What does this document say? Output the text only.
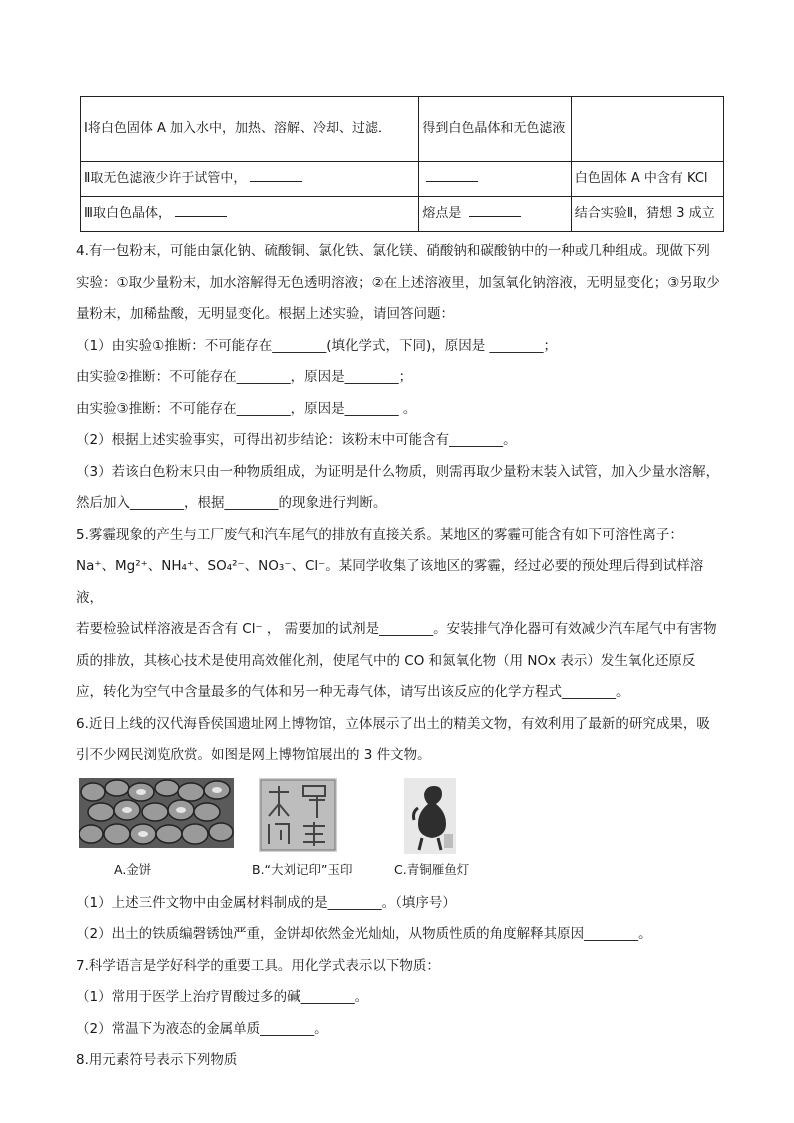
Ⅰ将白色固体 A 加入水中，加热、溶解、冷却、过滤．	得到白色晶体和无色滤液	
Ⅱ取无色滤液少许于试管中，		白色固体 A 中含有 KCl
Ⅲ取白色晶体，	熔点是	结合实验Ⅱ，猜想 3 成立

4.有一包粉末，可能由氯化钠、硫酸铜、氯化铁、氯化镁、硝酸钠和碳酸钠中的一种或几种组成。现做下列实验：①取少量粉末，加水溶解得无色透明溶液；②在上述溶液里，加氢氧化钠溶液，无明显变化；③另取少量粉末，加稀盐酸，无明显变化。根据上述实验，请回答问题：

（1）由实验①推断：不可能存在________(填化学式，下同)，原因是 ________；

由实验②推断：不可能存在________，原因是________；

由实验③推断：不可能存在________，原因是________ 。

（2）根据上述实验事实，可得出初步结论：该粉末中可能含有________。

（3）若该白色粉末只由一种物质组成，为证明是什么物质，则需再取少量粉末装入试管，加入少量水溶解，然后加入________，根据________的现象进行判断。

5.雾霾现象的产生与工厂废气和汽车尾气的排放有直接关系。某地区的雾霾可能含有如下可溶性离子：

Na⁺、Mg²⁺、NH₄⁺、SO₄²⁻、NO₃⁻、Cl⁻。某同学收集了该地区的雾霾，经过必要的预处理后得到试样溶液，

若要检验试样溶液是否含有 Cl⁻ ， 需要加的试剂是________。安装排气净化器可有效减少汽车尾气中有害物质的排放，其核心技术是使用高效催化剂，使尾气中的 CO 和氮氧化物（用 NOx 表示）发生氧化还原反应，转化为空气中含量最多的气体和另一种无毒气体，请写出该反应的化学方程式________。

6.近日上线的汉代海昏侯国遗址网上博物馆，立体展示了出土的精美文物，有效利用了最新的研究成果，吸引不少网民浏览欣赏。如图是网上博物馆展出的 3 件文物。

A.金饼	B.“大刘记印”玉印	C.青铜雁鱼灯

（1）上述三件文物中由金属材料制成的是________。（填序号）

（2）出土的铁质编磬锈蚀严重，金饼却依然金光灿灿，从物质性质的角度解释其原因________。

7.科学语言是学好科学的重要工具。用化学式表示以下物质：

（1）常用于医学上治疗胃酸过多的碱________。

（2）常温下为液态的金属单质________。

8.用元素符号表示下列物质
